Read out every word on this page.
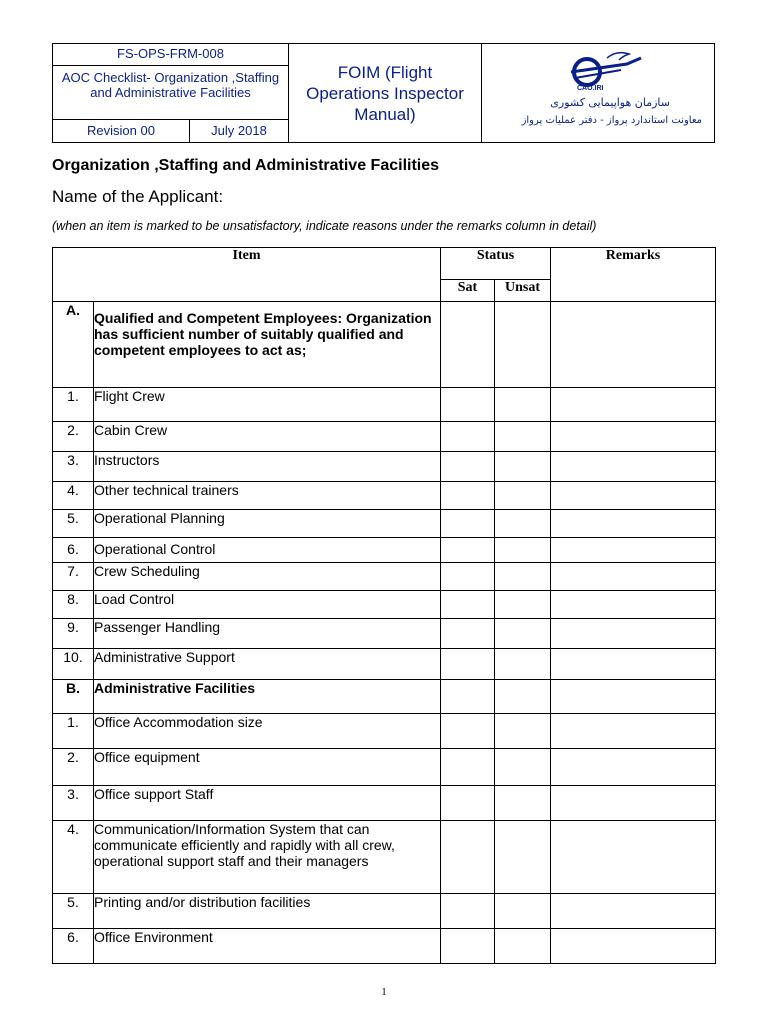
FS-OPS-FRM-008
AOC Checklist- Organization ,Staffing and Administrative Facilities
Revision 00	July 2018
FOIM (Flight Operations Inspector Manual)
CAO.IRI
سازمان هواپیمایی کشوری
معاونت استاندارد پرواز - دفتر عملیات پرواز
Organization ,Staffing and Administrative Facilities
Name of the Applicant:
(when an item is marked to be unsatisfactory, indicate reasons under the remarks column in detail)
Item		Status		Remarks
		Sat	Unsat	
A.	Qualified and Competent Employees: Organization has sufficient number of suitably qualified and competent employees to act as;			
1.	Flight Crew			
2.	Cabin Crew			
3.	Instructors			
4.	Other technical trainers			
5.	Operational Planning			
6.	Operational Control			
7.	Crew Scheduling			
8.	Load Control			
9.	Passenger Handling			
10.	Administrative Support			
B.	Administrative Facilities			
1.	Office Accommodation size			
2.	Office equipment			
3.	Office support Staff			
4.	Communication/Information System that can communicate efficiently and rapidly with all crew, operational support staff and their managers			
5.	Printing and/or distribution facilities			
6.	Office Environment			
1
